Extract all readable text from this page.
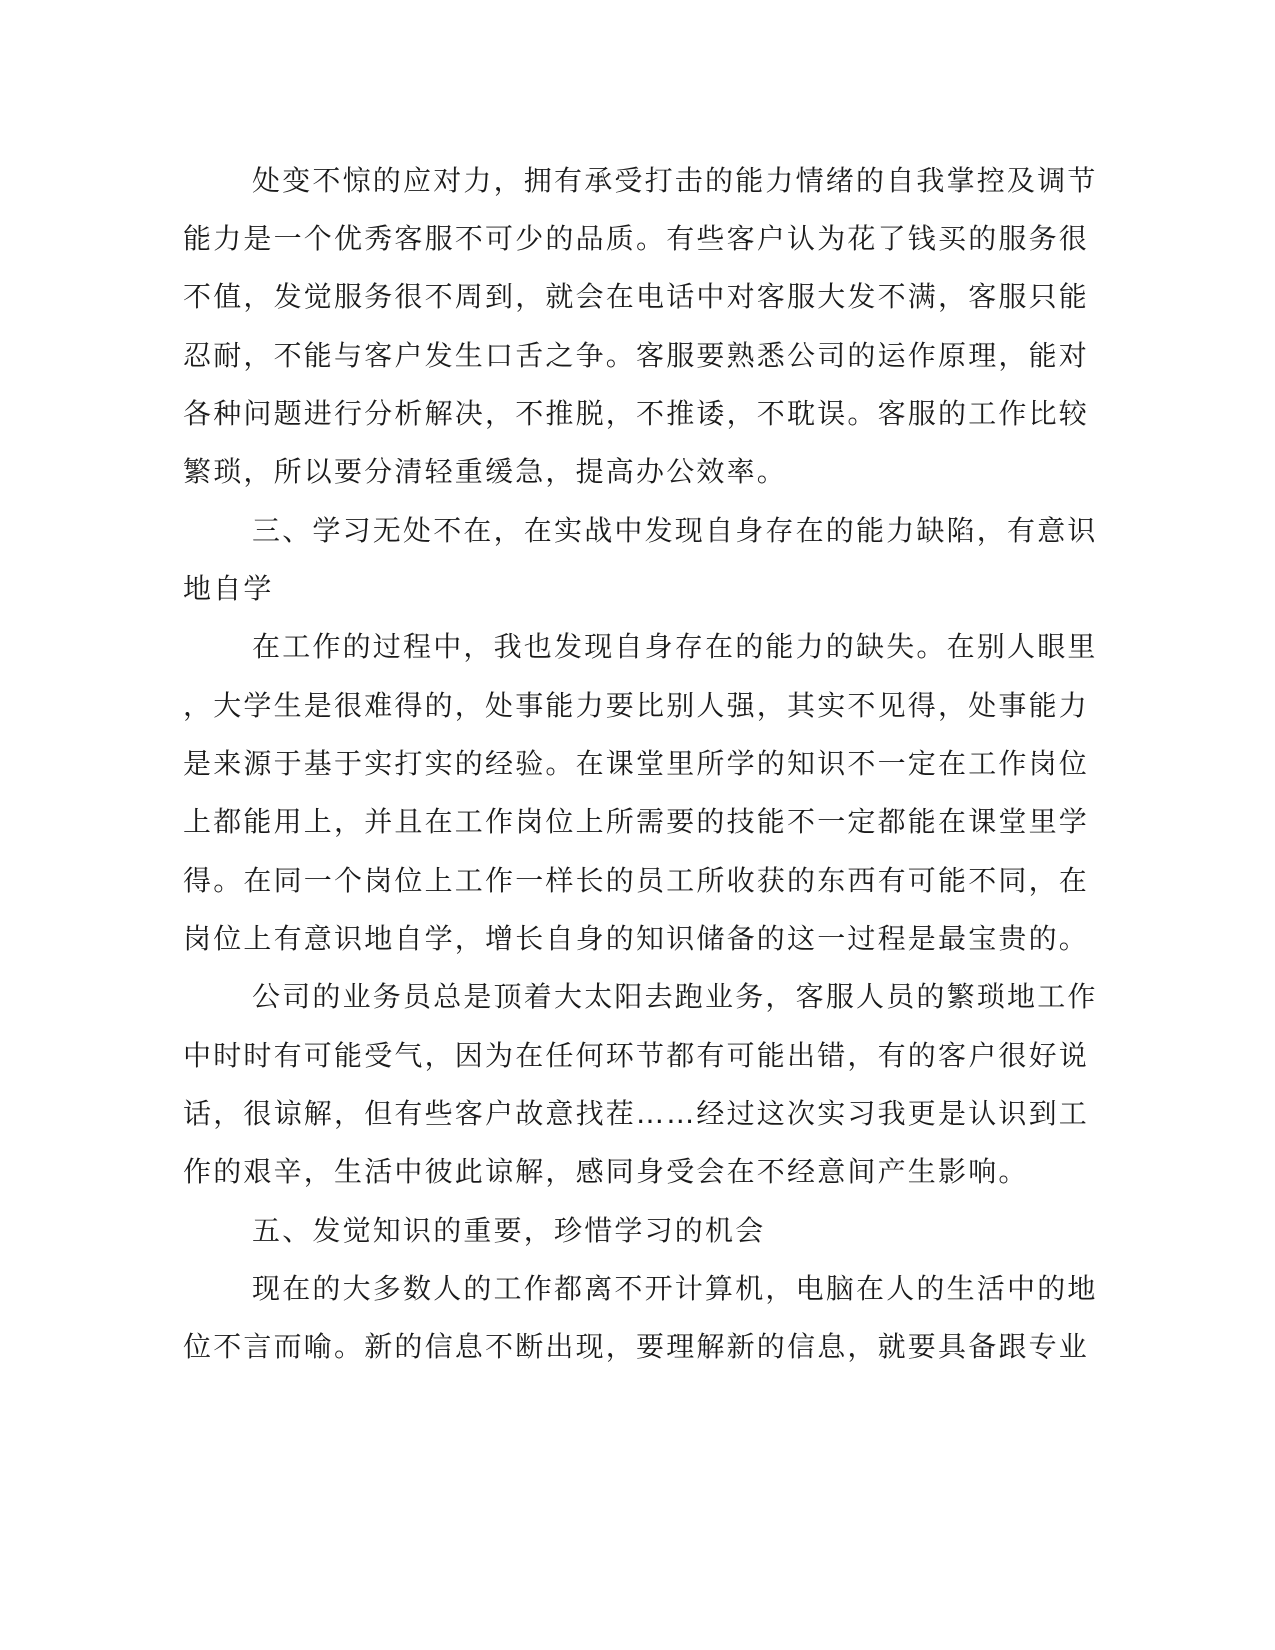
处变不惊的应对力，拥有承受打击的能力情绪的自我掌控及调节
能力是一个优秀客服不可少的品质。有些客户认为花了钱买的服务很
不值，发觉服务很不周到，就会在电话中对客服大发不满，客服只能
忍耐，不能与客户发生口舌之争。客服要熟悉公司的运作原理，能对
各种问题进行分析解决，不推脱，不推诿，不耽误。客服的工作比较
繁琐，所以要分清轻重缓急，提高办公效率。
三、学习无处不在，在实战中发现自身存在的能力缺陷，有意识
地自学
在工作的过程中，我也发现自身存在的能力的缺失。在别人眼里
，大学生是很难得的，处事能力要比别人强，其实不见得，处事能力
是来源于基于实打实的经验。在课堂里所学的知识不一定在工作岗位
上都能用上，并且在工作岗位上所需要的技能不一定都能在课堂里学
得。在同一个岗位上工作一样长的员工所收获的东西有可能不同，在
岗位上有意识地自学，增长自身的知识储备的这一过程是最宝贵的。
公司的业务员总是顶着大太阳去跑业务，客服人员的繁琐地工作
中时时有可能受气，因为在任何环节都有可能出错，有的客户很好说
话，很谅解，但有些客户故意找茬……经过这次实习我更是认识到工
作的艰辛，生活中彼此谅解，感同身受会在不经意间产生影响。
五、发觉知识的重要，珍惜学习的机会
现在的大多数人的工作都离不开计算机，电脑在人的生活中的地
位不言而喻。新的信息不断出现，要理解新的信息，就要具备跟专业
